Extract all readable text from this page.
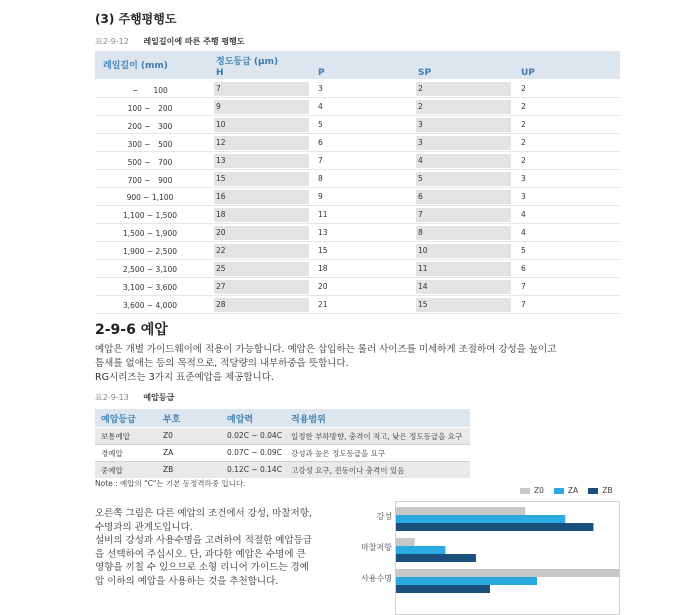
(3) 주행평행도
표2-9-12 레일길이에 따른 주행 평행도
레일길이 (mm)	정도등급 (μm)
H	P	SP	UP
~　　100	7	3	2	2
100 ~　200	9	4	2	2
200 ~　300	10	5	3	2
300 ~　500	12	6	3	2
500 ~　700	13	7	4	2
700 ~　900	15	8	5	3
900 ~ 1,100	16	9	6	3
1,100 ~ 1,500	18	11	7	4
1,500 ~ 1,900	20	13	8	4
1,900 ~ 2,500	22	15	10	5
2,500 ~ 3,100	25	18	11	6
3,100 ~ 3,600	27	20	14	7
3,600 ~ 4,000	28	21	15	7
2-9-6 예압
예압은 개별 가이드웨이에 적용이 가능합니다. 예압은 삽입하는 롤러 사이즈를 미세하게 조절하여 강성을 높이고
틈새를 없애는 등의 목적으로, 적당량의 내부하중을 뜻합니다.
RG시리즈는 3가지 표준예압을 제공합니다.
표2-9-13 예압등급
예압등급	부호	예압력	적용범위
보통예압	Z0	0.02C ~ 0.04C 일정한 부하방향, 충격이 적고, 낮은 정도등급을 요구
경예압	ZA	0.07C ~ 0.09C 강성과 높은 정도등급을 요구
중예압	ZB	0.12C ~ 0.14C 고강성 요구, 진동이나 충격이 있음
Note : 예압의 "C"는 기본 동정격하중 입니다.
오른쪽 그림은 다른 예압의 조건에서 강성, 마찰저항,
수명과의 관계도입니다.
설비의 강성과 사용수명을 고려하여 적절한 예압등급
을 선택하여 주십시오. 단, 과다한 예압은 수명에 큰
영향을 끼칠 수 있으므로 소형 리니어 가이드는 경예
압 이하의 예압을 사용하는 것을 추천합니다.
Z0	ZA	ZB
강성
마찰저항
사용수명
